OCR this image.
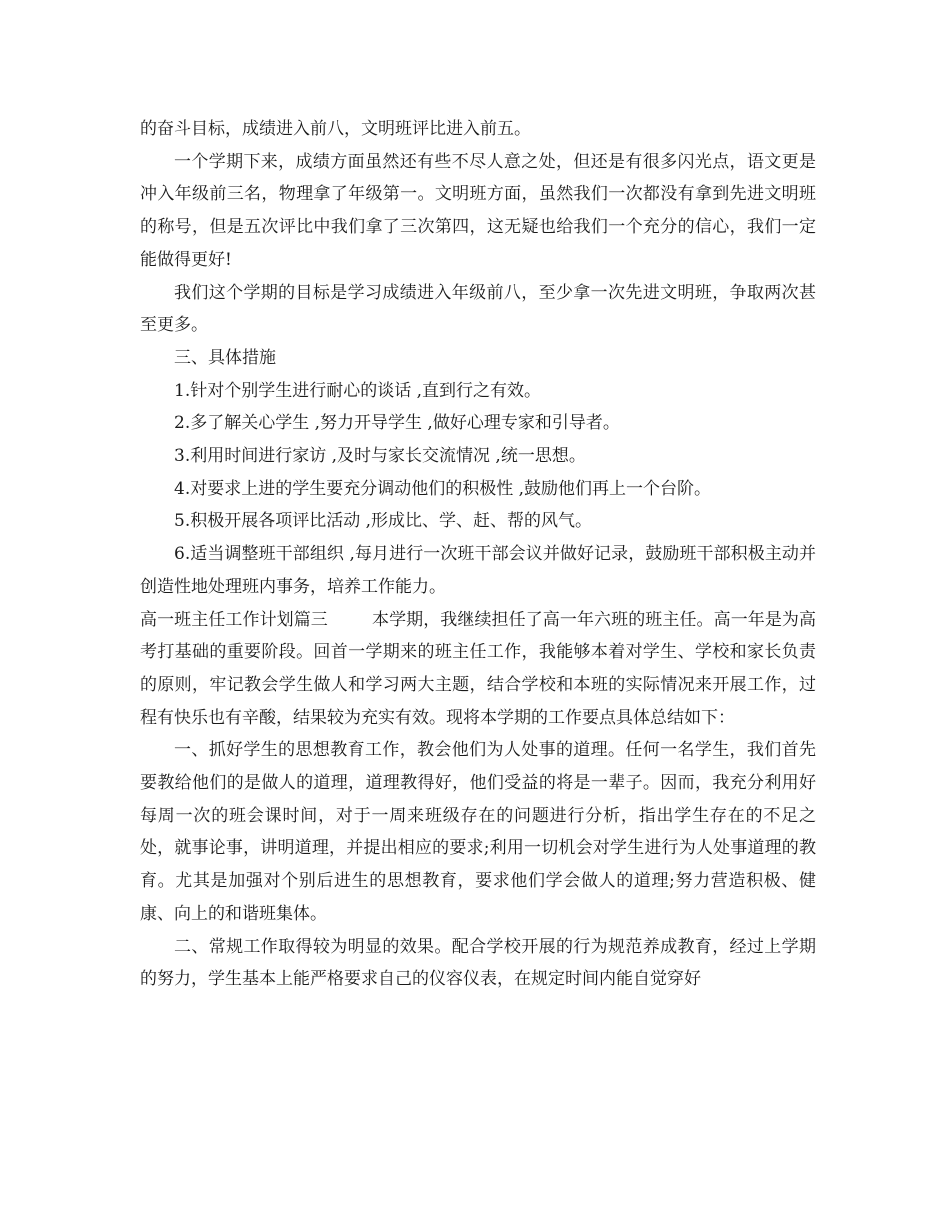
的奋斗目标，成绩进入前八，文明班评比进入前五。

一个学期下来，成绩方面虽然还有些不尽人意之处，但还是有很多闪光点，语文更是冲入年级前三名，物理拿了年级第一。文明班方面，虽然我们一次都没有拿到先进文明班的称号，但是五次评比中我们拿了三次第四，这无疑也给我们一个充分的信心，我们一定能做得更好!

我们这个学期的目标是学习成绩进入年级前八，至少拿一次先进文明班，争取两次甚至更多。

三、具体措施

1.针对个别学生进行耐心的谈话 ,直到行之有效。

2.多了解关心学生 ,努力开导学生 ,做好心理专家和引导者。

3.利用时间进行家访 ,及时与家长交流情况 ,统一思想。

4.对要求上进的学生要充分调动他们的积极性 ,鼓励他们再上一个台阶。

5.积极开展各项评比活动 ,形成比、学、赶、帮的风气。

6.适当调整班干部组织 ,每月进行一次班干部会议并做好记录，鼓励班干部积极主动并创造性地处理班内事务，培养工作能力。

高一班主任工作计划篇三	本学期，我继续担任了高一年六班的班主任。高一年是为高考打基础的重要阶段。回首一学期来的班主任工作，我能够本着对学生、学校和家长负责的原则，牢记教会学生做人和学习两大主题，结合学校和本班的实际情况来开展工作，过程有快乐也有辛酸，结果较为充实有效。现将本学期的工作要点具体总结如下：

一、抓好学生的思想教育工作，教会他们为人处事的道理。任何一名学生，我们首先要教给他们的是做人的道理，道理教得好，他们受益的将是一辈子。因而，我充分利用好每周一次的班会课时间，对于一周来班级存在的问题进行分析，指出学生存在的不足之处，就事论事，讲明道理，并提出相应的要求;利用一切机会对学生进行为人处事道理的教育。尤其是加强对个别后进生的思想教育，要求他们学会做人的道理;努力营造积极、健康、向上的和谐班集体。

二、常规工作取得较为明显的效果。配合学校开展的行为规范养成教育，经过上学期的努力，学生基本上能严格要求自己的仪容仪表，在规定时间内能自觉穿好
